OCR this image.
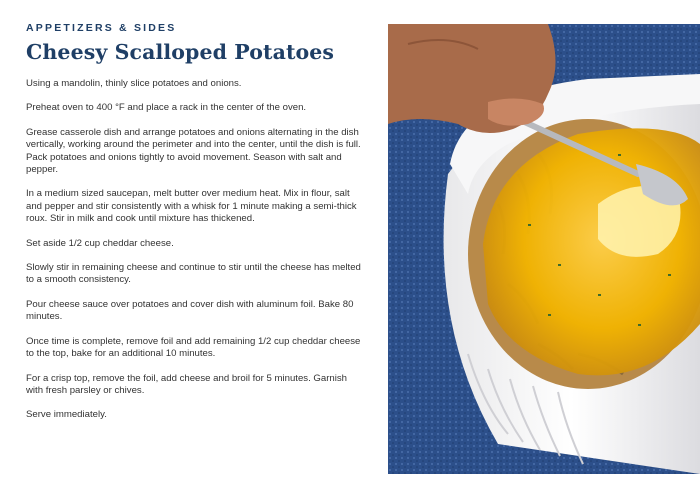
APPETIZERS & SIDES
Cheesy Scalloped Potatoes

Using a mandolin, thinly slice potatoes and onions.

Preheat oven to 400 °F and place a rack in the center of the oven.

Grease casserole dish and arrange potatoes and onions alternating in the dish vertically, working around the perimeter and into the center, until the dish is full. Pack potatoes and onions tightly to avoid movement. Season with salt and pepper.

In a medium sized saucepan, melt butter over medium heat. Mix in flour, salt and pepper and stir consistently with a whisk for 1 minute making a semi-thick roux. Stir in milk and cook until mixture has thickened.

Set aside 1/2 cup cheddar cheese.

Slowly stir in remaining cheese and continue to stir until the cheese has melted to a smooth consistency.

Pour cheese sauce over potatoes and cover dish with aluminum foil. Bake 80 minutes.

Once time is complete, remove foil and add remaining 1/2 cup cheddar cheese to the top, bake for an additional 10 minutes.

For a crisp top, remove the foil, add cheese and broil for 5 minutes. Garnish with fresh parsley or chives.

Serve immediately.
